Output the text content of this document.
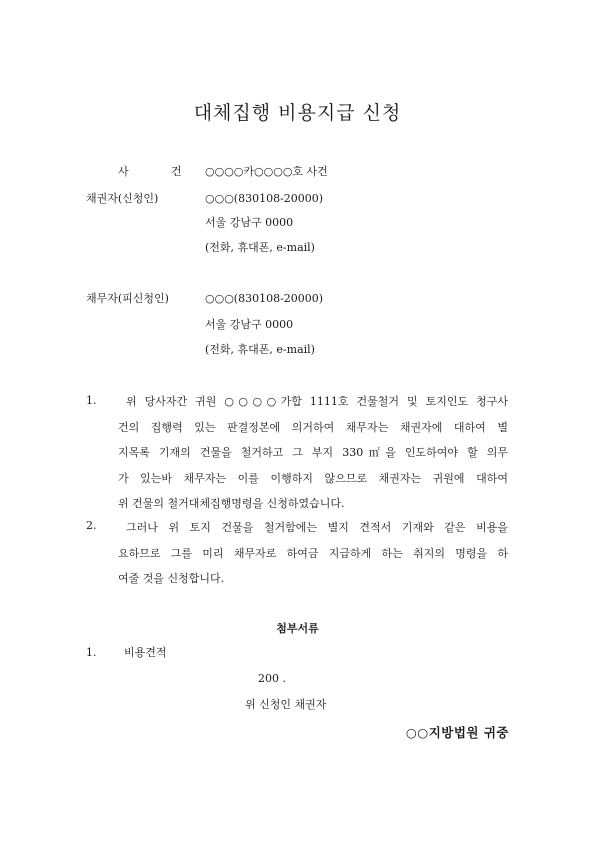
대체집행 비용지급 신청
사	건 ○○○○카○○○○호 사건
채권자(신청인)	○○○(830108-20000)
서울 강남구 0000
(전화, 휴대폰, e-mail)
채무자(피신청인)	○○○(830108-20000)
서울 강남구 0000
(전화, 휴대폰, e-mail)
1.	위 당사자간 귀원 ○○○○가합 1111호 건물철거 및 토지인도 청구사
건의 집행력 있는 판결정본에 의거하여 채무자는 채권자에 대하여 별
지목록 기재의 건물을 철거하고 그 부지 330㎡을 인도하여야 할 의무
가 있는바 채무자는 이를 이행하지 않으므로 채권자는 귀원에 대하여
위 건물의 철거대체집행명령을 신청하였습니다.
2.	그러나 위 토지 건물을 철거함에는 별지 견적서 기재와 같은 비용을
요하므로 그를 미리 채무자로 하여금 지급하게 하는 취지의 명령을 하
여줄 것을 신청합니다.
첨부서류
1.	비용견적
200 .
위 신청인 채권자
○○지방법원 귀중
